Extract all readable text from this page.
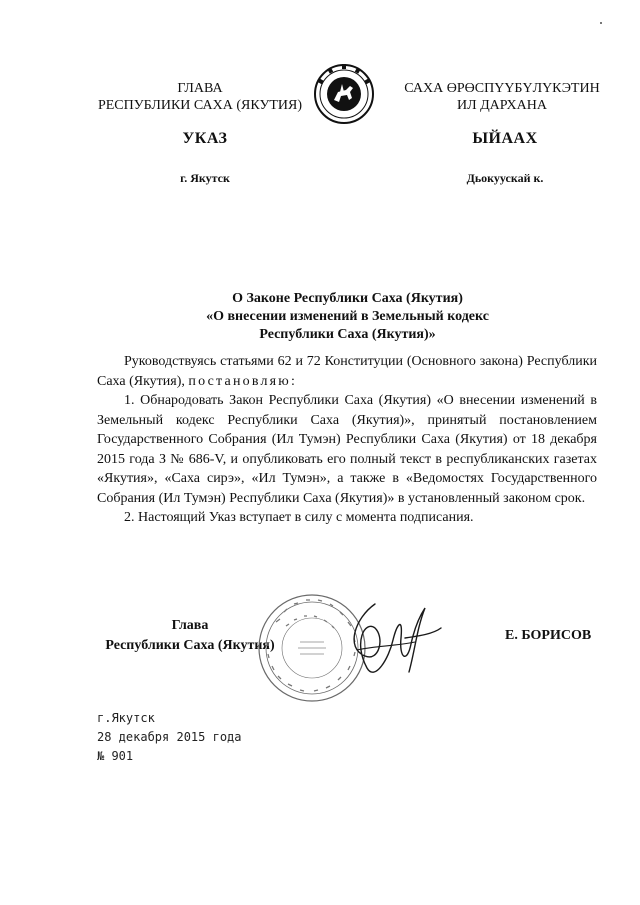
ГЛАВА
РЕСПУБЛИКИ САХА (ЯКУТИЯ)
САХА ӨРӨСПҮҮБҮЛҮКЭТИН
ИЛ ДАРХАНА
УКАЗ	ЫЙААХ
г. Якутск	Дьокуускай к.
О Законе Республики Саха (Якутия)
«О внесении изменений в Земельный кодекс
Республики Саха (Якутия)»

Руководствуясь статьями 62 и 72 Конституции (Основного закона) Республики Саха (Якутия), постановляю:

1. Обнародовать Закон Республики Саха (Якутия) «О внесении изменений в Земельный кодекс Республики Саха (Якутия)», принятый постановлением Государственного Собрания (Ил Тумэн) Республики Саха (Якутия) от 18 декабря 2015 года З № 686-V, и опубликовать его полный текст в республиканских газетах «Якутия», «Саха сирэ», «Ил Тумэн», а также в «Ведомостях Государственного Собрания (Ил Тумэн) Республики Саха (Якутия)» в установленный законом срок.

2. Настоящий Указ вступает в силу с момента подписания.

Глава
Республики Саха (Якутия)
Е. БОРИСОВ
г.Якутск
28 декабря 2015 года
№ 901
